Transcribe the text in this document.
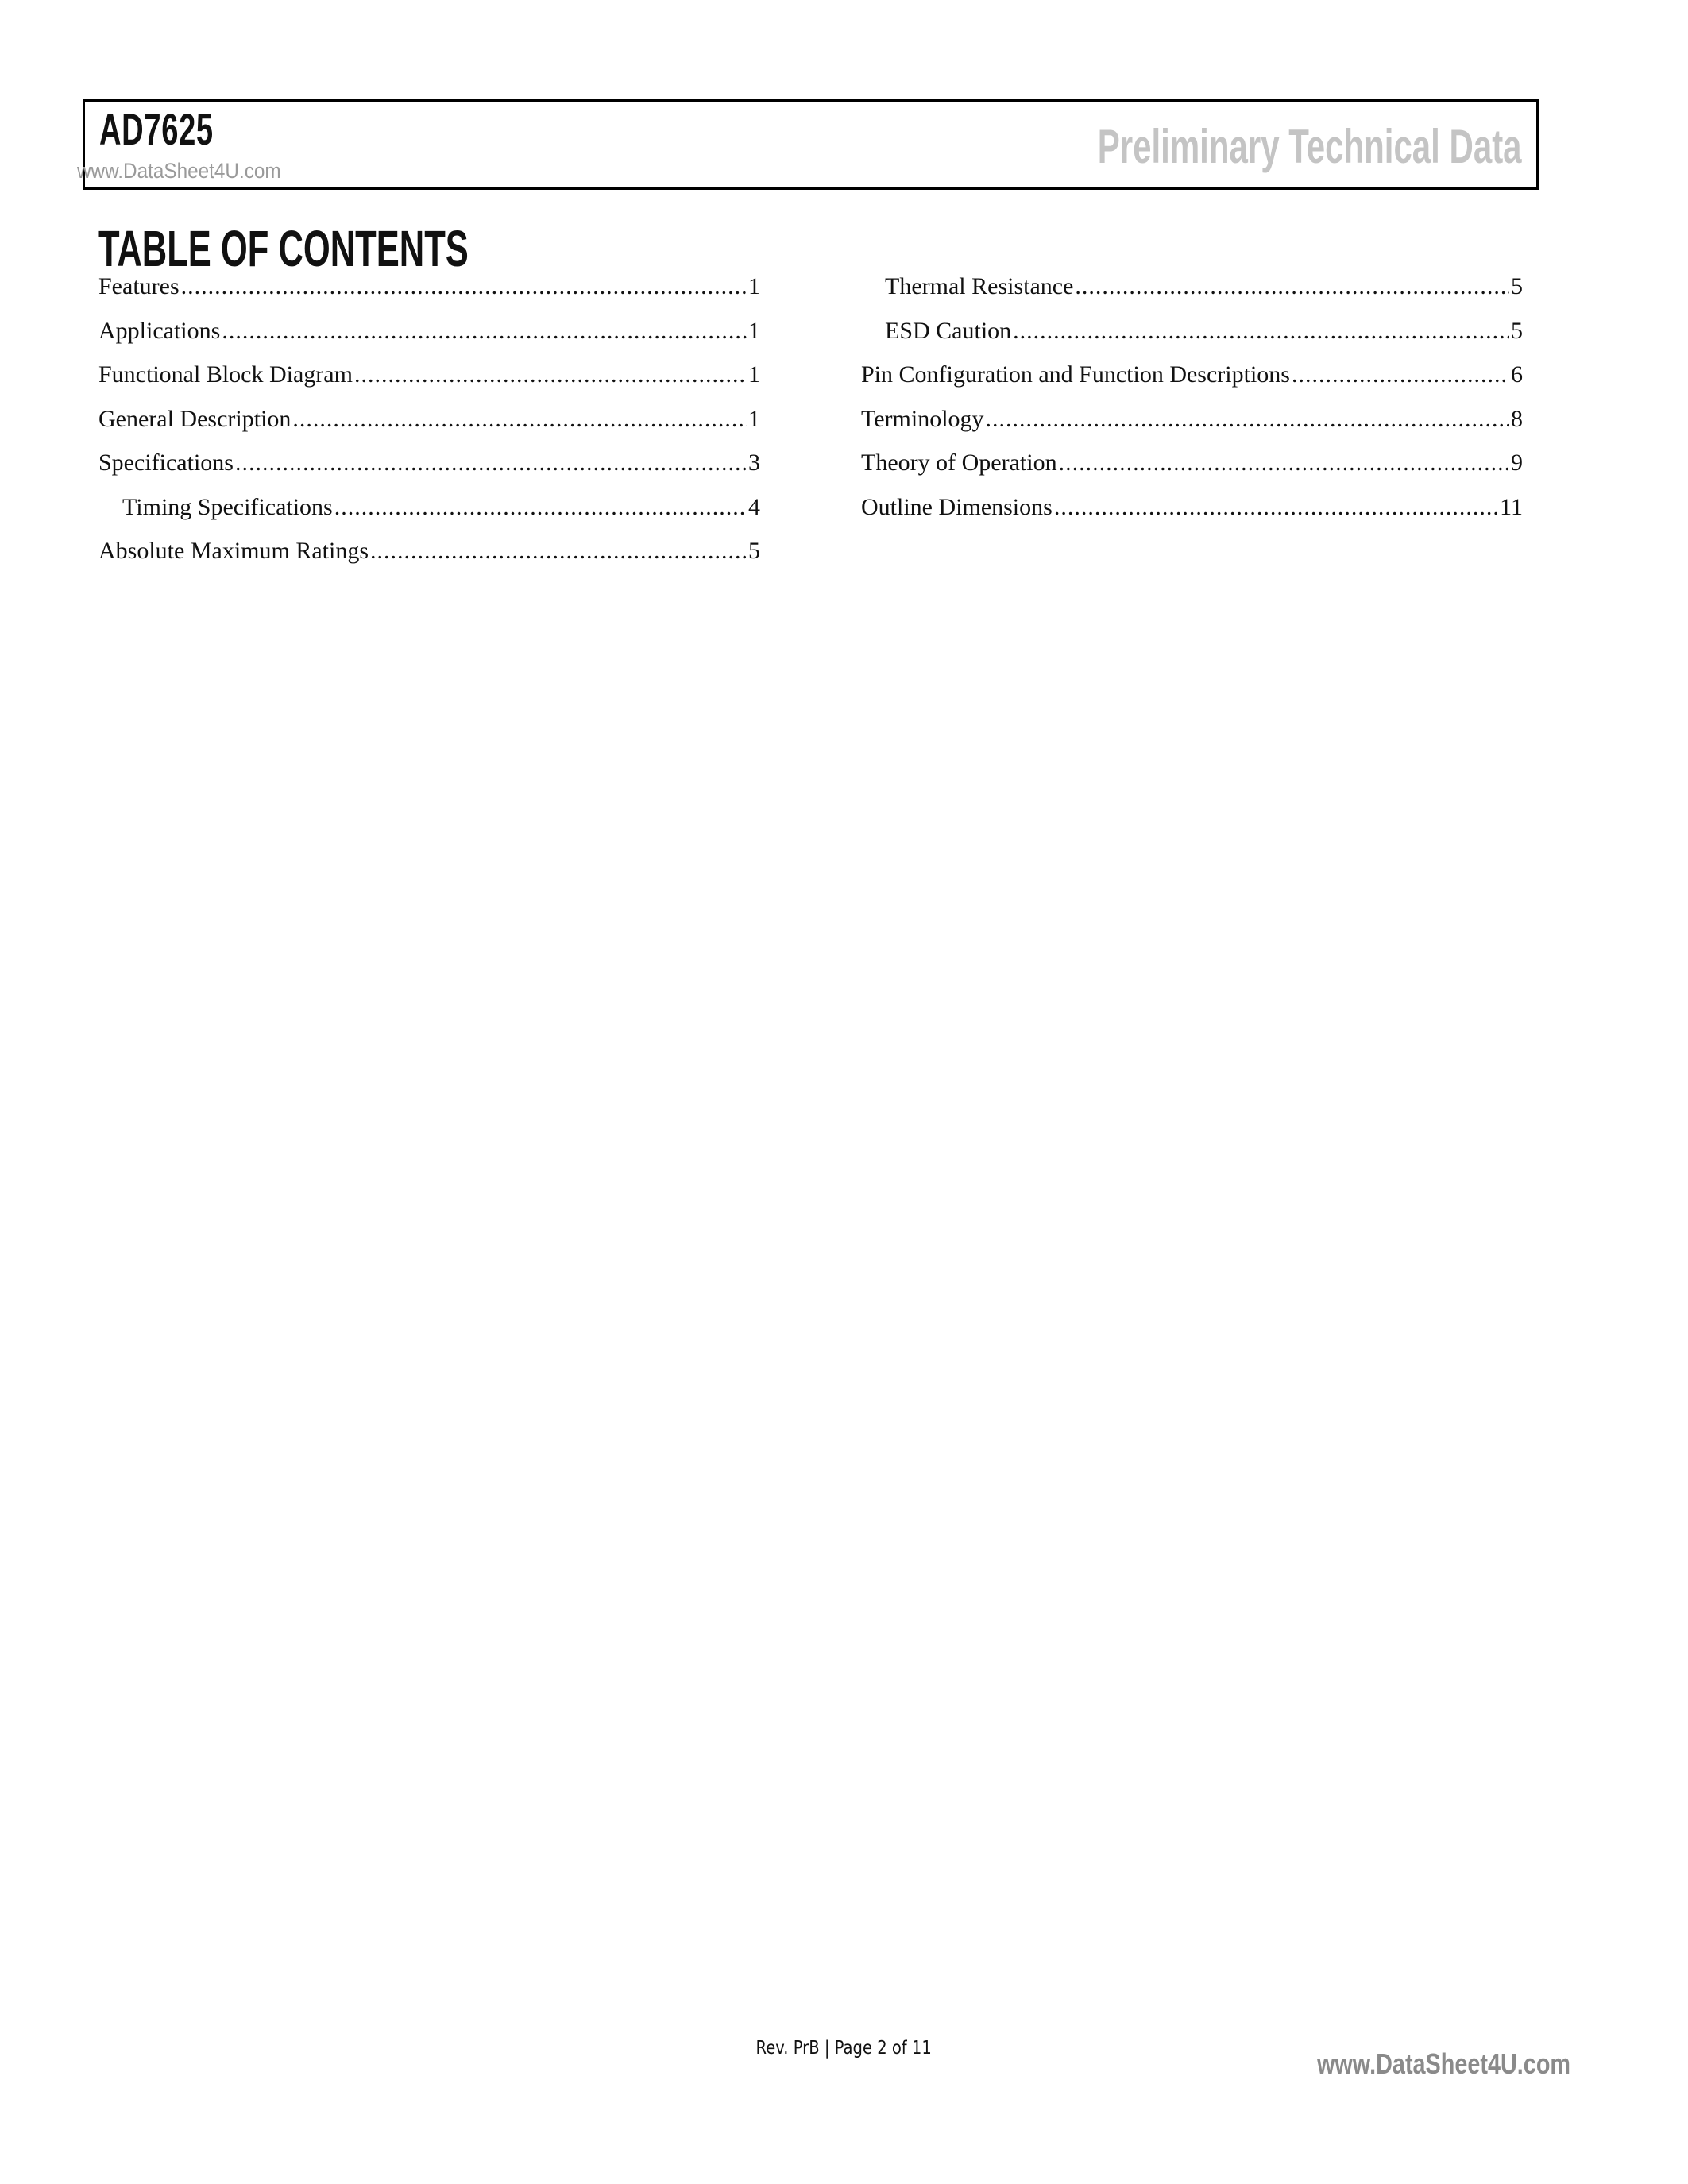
AD7625
www.DataSheet4U.com	Preliminary Technical Data
TABLE OF CONTENTS
Features .....	1
Applications .....	1
Functional Block Diagram .....	1
General Description .....	1
Specifications .....	3
Timing Specifications .....	4
Absolute Maximum Ratings .....	5
Thermal Resistance .....	5
ESD Caution .....	5
Pin Configuration and Function Descriptions .....	6
Terminology .....	8
Theory of Operation .....	9
Outline Dimensions .....	11
Rev. PrB | Page 2 of 11	www.DataSheet4U.com
